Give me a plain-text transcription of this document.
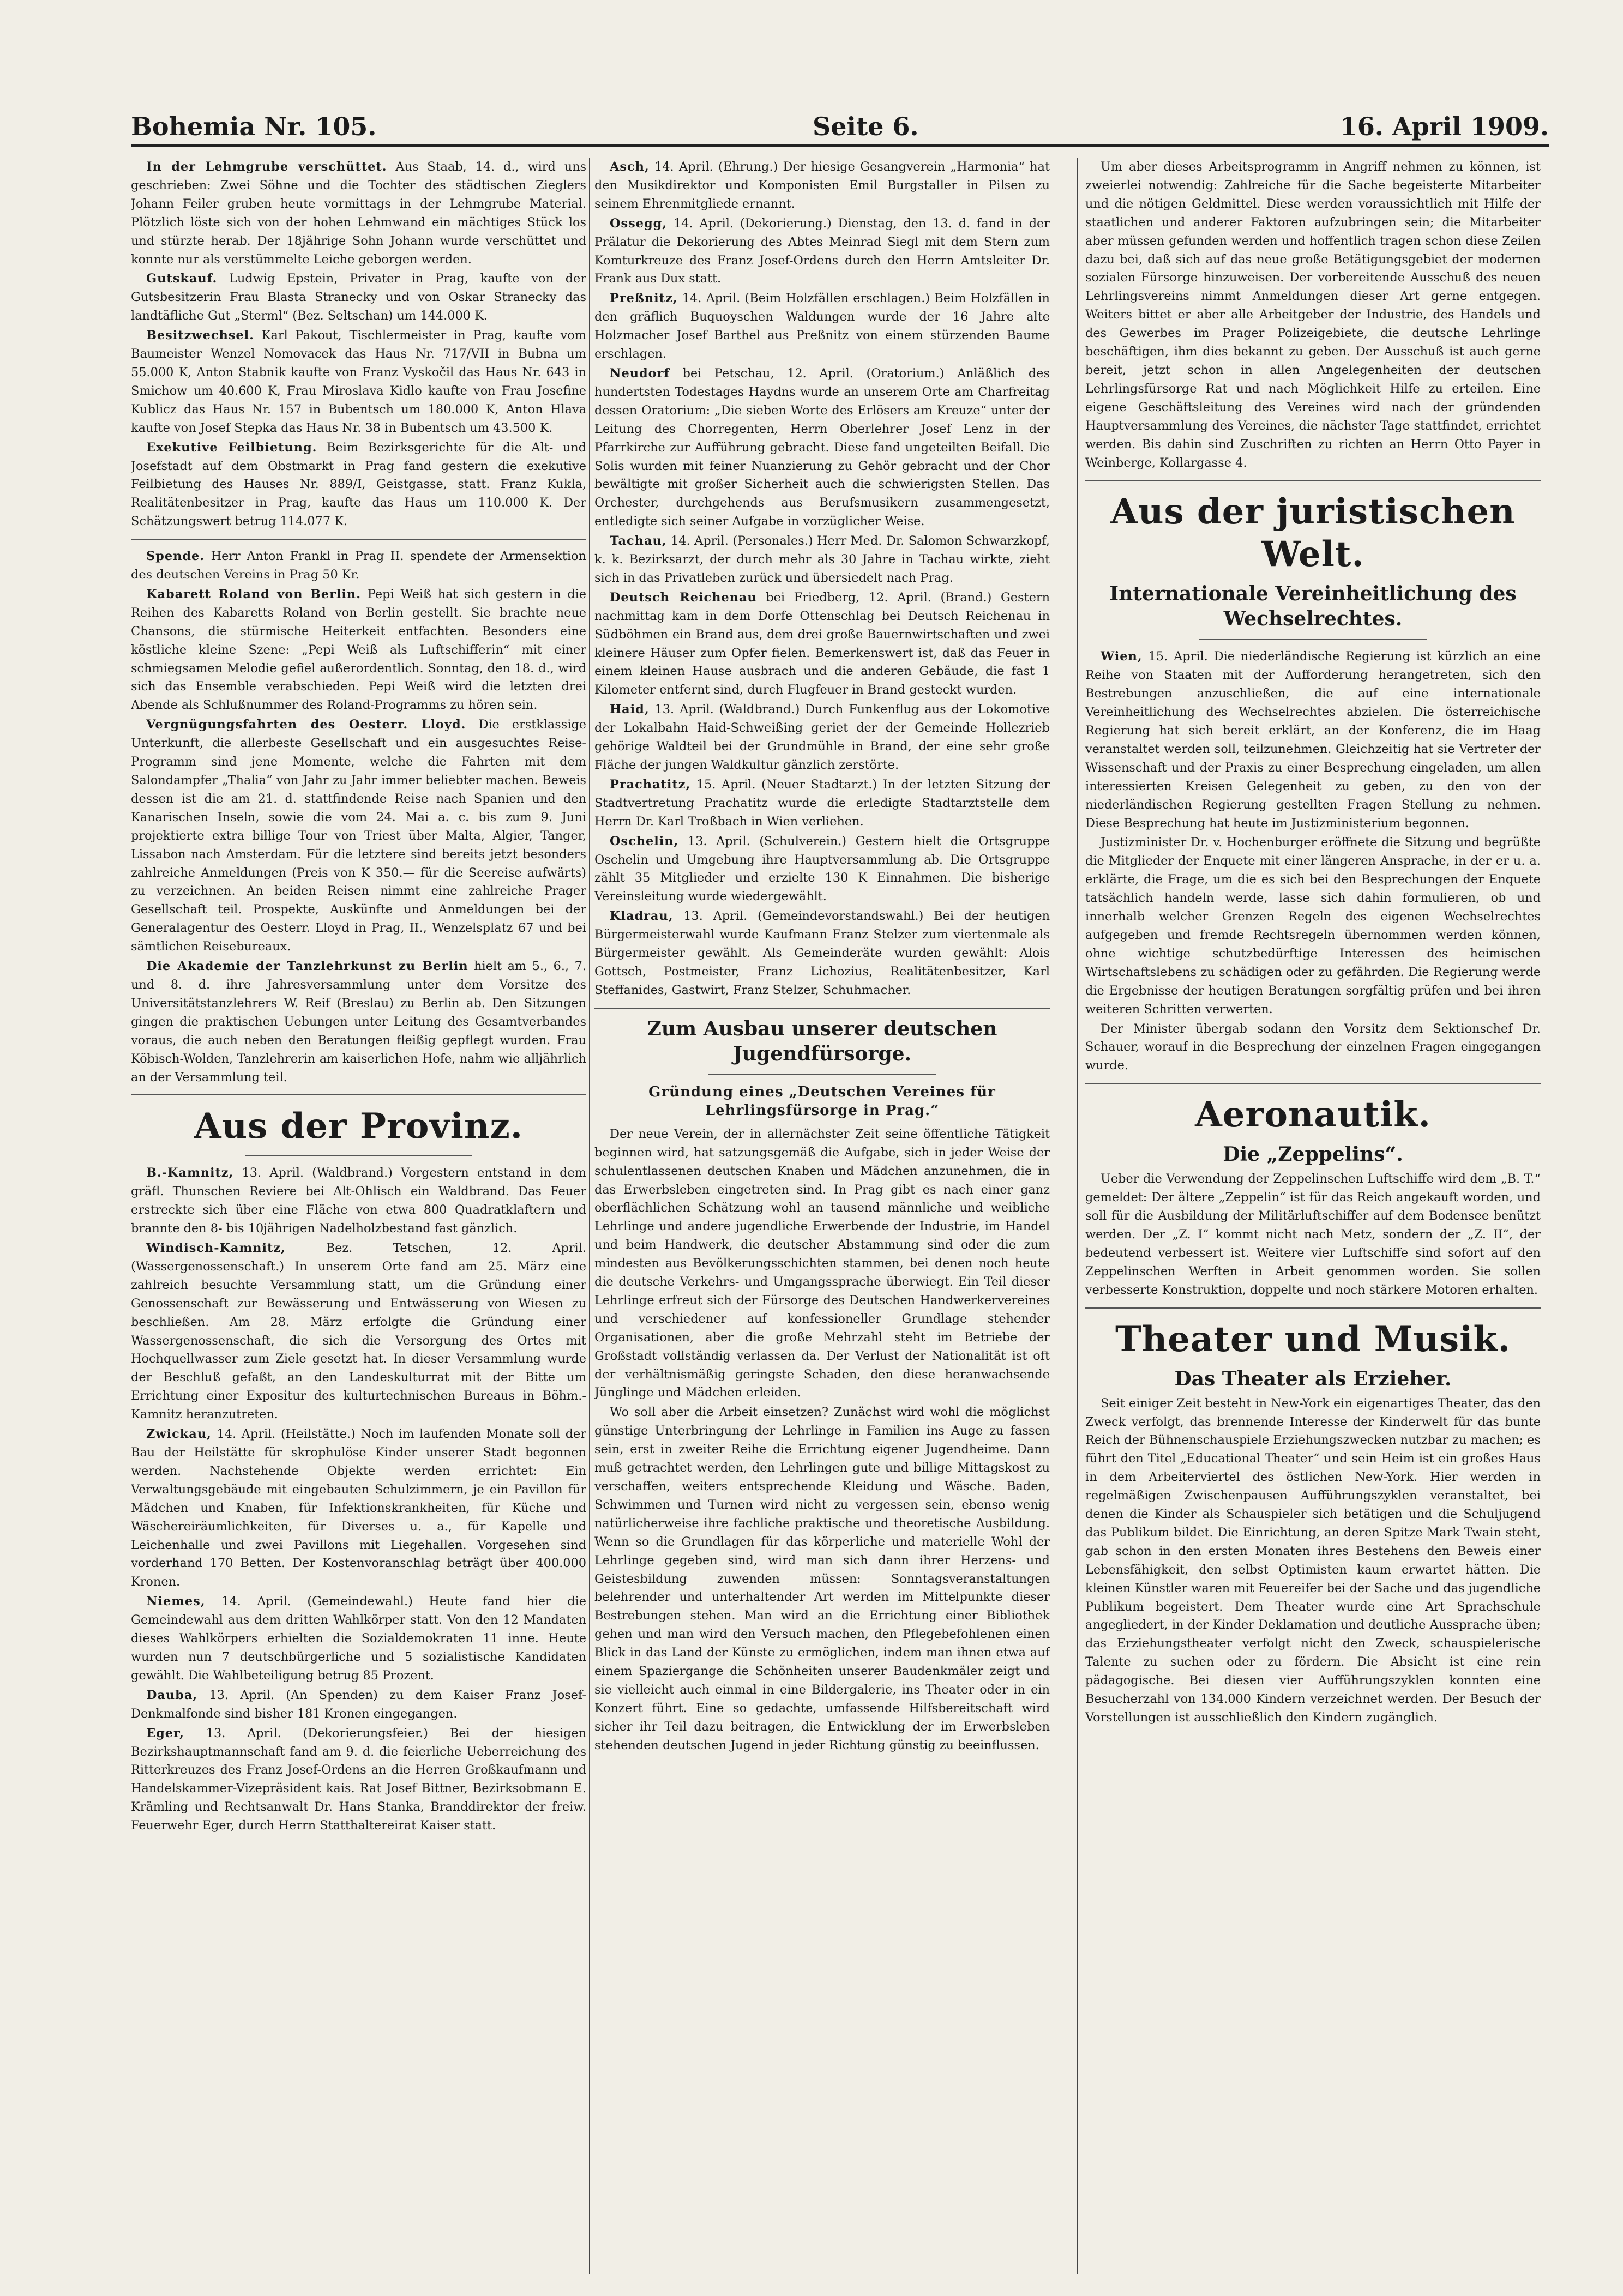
Bohemia Nr. 105.	Seite 6.	16. April 1909.

In der Lehmgrube verschüttet. Aus Staab, 14. d., wird uns geschrieben: Zwei Söhne und die Tochter des städtischen Zieglers Johann Feiler gruben heute vormittags in der Lehmgrube Material. Plötzlich löste sich von der hohen Lehmwand ein mächtiges Stück los und stürzte herab. Der 18jährige Sohn Johann wurde verschüttet und konnte nur als verstümmelte Leiche geborgen werden.

Gutskauf. Ludwig Epstein, Privater in Prag, kaufte von der Gutsbesitzerin Frau Blasta Stranecky und von Oskar Stranecky das landtäfliche Gut „Sterml“ (Bez. Seltschan) um 144.000 K.

Besitzwechsel. Karl Pakout, Tischlermeister in Prag, kaufte vom Baumeister Wenzel Nomovacek das Haus Nr. 717/VII in Bubna um 55.000 K, Anton Stabnik kaufte von Franz Vyskočil das Haus Nr. 643 in Smichow um 40.600 K, Frau Miroslava Kidlo kaufte von Frau Josefine Kublicz das Haus Nr. 157 in Bubentsch um 180.000 K, Anton Hlava kaufte von Josef Stepka das Haus Nr. 38 in Bubentsch um 43.500 K.

Exekutive Feilbietung. Beim Bezirksgerichte für die Alt- und Josefstadt auf dem Obstmarkt in Prag fand gestern die exekutive Feilbietung des Hauses Nr. 889/I, Geistgasse, statt. Franz Kukla, Realitätenbesitzer in Prag, kaufte das Haus um 110.000 K. Der Schätzungswert betrug 114.077 K.

Spende. Herr Anton Frankl in Prag II. spendete der Armensektion des deutschen Vereins in Prag 50 Kr.

Kabarett Roland von Berlin. Pepi Weiß hat sich gestern in die Reihen des Kabaretts Roland von Berlin gestellt. Sie brachte neue Chansons, die stürmische Heiterkeit entfachten. Besonders eine köstliche kleine Szene: „Pepi Weiß als Luftschifferin“ mit einer schmiegsamen Melodie gefiel außerordentlich. Sonntag, den 18. d., wird sich das Ensemble verabschieden. Pepi Weiß wird die letzten drei Abende als Schlußnummer des Roland-Programms zu hören sein.

Vergnügungsfahrten des Oesterr. Lloyd. Die erstklassige Unterkunft, die allerbeste Gesellschaft und ein ausgesuchtes Reise-Programm sind jene Momente, welche die Fahrten mit dem Salondampfer „Thalia“ von Jahr zu Jahr immer beliebter machen. Beweis dessen ist die am 21. d. stattfindende Reise nach Spanien und den Kanarischen Inseln, sowie die vom 24. Mai a. c. bis zum 9. Juni projektierte extra billige Tour von Triest über Malta, Algier, Tanger, Lissabon nach Amsterdam. Für die letztere sind bereits jetzt besonders zahlreiche Anmeldungen (Preis von K 350.— für die Seereise aufwärts) zu verzeichnen. An beiden Reisen nimmt eine zahlreiche Prager Gesellschaft teil. Prospekte, Auskünfte und Anmeldungen bei der Generalagentur des Oesterr. Lloyd in Prag, II., Wenzelsplatz 67 und bei sämtlichen Reisebureaux.

Die Akademie der Tanzlehrkunst zu Berlin hielt am 5., 6., 7. und 8. d. ihre Jahresversammlung unter dem Vorsitze des Universitätstanzlehrers W. Reif (Breslau) zu Berlin ab. Den Sitzungen gingen die praktischen Uebungen unter Leitung des Gesamtverbandes voraus, die auch neben den Beratungen fleißig gepflegt wurden. Frau Köbisch-Wolden, Tanzlehrerin am kaiserlichen Hofe, nahm wie alljährlich an der Versammlung teil.

Aus der Provinz.

B.-Kamnitz, 13. April. (Waldbrand.) Vorgestern entstand in dem gräfl. Thunschen Reviere bei Alt-Ohlisch ein Waldbrand. Das Feuer erstreckte sich über eine Fläche von etwa 800 Quadratklaftern und brannte den 8- bis 10jährigen Nadelholzbestand fast gänzlich.

Windisch-Kamnitz,	Bez. Tetschen, 12. April. (Wassergenossenschaft.) In unserem Orte fand am 25. März eine zahlreich besuchte Versammlung statt, um die Gründung einer Genossenschaft zur Bewässerung und Entwässerung von Wiesen zu beschließen. Am 28. März erfolgte die Gründung einer Wassergenossenschaft, die sich die Versorgung des Ortes mit Hochquellwasser zum Ziele gesetzt hat. In dieser Versammlung wurde der Beschluß gefaßt, an den Landeskulturrat mit der Bitte um Errichtung einer Expositur des kulturtechnischen Bureaus in Böhm.-Kamnitz heranzutreten.

Zwickau, 14. April. (Heilstätte.) Noch im laufenden Monate soll der Bau der Heilstätte für skrophulöse Kinder unserer Stadt begonnen werden. Nachstehende Objekte werden errichtet: Ein Verwaltungsgebäude mit eingebauten Schulzimmern, je ein Pavillon für Mädchen und Knaben, für Infektionskrankheiten, für Küche und Wäschereiräumlichkeiten, für Diverses u. a., für Kapelle und Leichenhalle und zwei Pavillons mit Liegehallen. Vorgesehen sind vorderhand 170 Betten. Der Kostenvoranschlag beträgt über 400.000 Kronen.

Niemes, 14. April. (Gemeindewahl.) Heute fand hier die Gemeindewahl aus dem dritten Wahlkörper statt. Von den 12 Mandaten dieses Wahlkörpers erhielten die Sozialdemokraten 11 inne. Heute wurden nun 7 deutschbürgerliche und 5 sozialistische Kandidaten gewählt. Die Wahlbeteiligung betrug 85 Prozent.

Dauba, 13. April. (An Spenden) zu dem Kaiser Franz Josef-Denkmalfonde sind bisher 181 Kronen eingegangen.

Eger, 13. April. (Dekorierungsfeier.) Bei der hiesigen Bezirkshauptmannschaft fand am 9. d. die feierliche Ueberreichung des Ritterkreuzes des Franz Josef-Ordens an die Herren Großkaufmann und Handelskammer-Vizepräsident kais. Rat Josef Bittner, Bezirksobmann E. Krämling und Rechtsanwalt Dr. Hans Stanka, Branddirektor der freiw. Feuerwehr Eger, durch Herrn Statthaltereirat Kaiser statt.

Asch, 14. April. (Ehrung.) Der hiesige Gesangverein „Harmonia“ hat den Musikdirektor und Komponisten Emil Burgstaller in Pilsen zu seinem Ehrenmitgliede ernannt.

Ossegg, 14. April. (Dekorierung.) Dienstag, den 13. d. fand in der Prälatur die Dekorierung des Abtes Meinrad Siegl mit dem Stern zum Komturkreuze des Franz Josef-Ordens durch den Herrn Amtsleiter Dr. Frank aus Dux statt.

Preßnitz, 14. April. (Beim Holzfällen erschlagen.) Beim Holzfällen in den gräflich Buquoyschen Waldungen wurde der 16 Jahre alte Holzmacher Josef Barthel aus Preßnitz von einem stürzenden Baume erschlagen.

Neudorf bei Petschau, 12. April. (Oratorium.) Anläßlich des hundertsten Todestages Haydns wurde an unserem Orte am Charfreitag dessen Oratorium: „Die sieben Worte des Erlösers am Kreuze“ unter der Leitung des Chorregenten, Herrn Oberlehrer Josef Lenz in der Pfarrkirche zur Aufführung gebracht. Diese fand ungeteilten Beifall. Die Solis wurden mit feiner Nuanzierung zu Gehör gebracht und der Chor bewältigte mit großer Sicherheit auch die schwierigsten Stellen. Das Orchester, durchgehends aus Berufsmusikern zusammengesetzt, entledigte sich seiner Aufgabe in vorzüglicher Weise.

Tachau, 14. April. (Personales.) Herr Med. Dr. Salomon Schwarzkopf, k. k. Bezirksarzt, der durch mehr als 30 Jahre in Tachau wirkte, zieht sich in das Privatleben zurück und übersiedelt nach Prag.

Deutsch Reichenau bei Friedberg, 12. April. (Brand.) Gestern nachmittag kam in dem Dorfe Ottenschlag bei Deutsch Reichenau in Südböhmen ein Brand aus, dem drei große Bauernwirtschaften und zwei kleinere Häuser zum Opfer fielen. Bemerkenswert ist, daß das Feuer in einem kleinen Hause ausbrach und die anderen Gebäude, die fast 1 Kilometer entfernt sind, durch Flugfeuer in Brand gesteckt wurden.

Haid, 13. April. (Waldbrand.) Durch Funkenflug aus der Lokomotive der Lokalbahn Haid-Schweißing geriet der der Gemeinde Hollezrieb gehörige Waldteil bei der Grundmühle in Brand, der eine sehr große Fläche der jungen Waldkultur gänzlich zerstörte.

Prachatitz, 15. April. (Neuer Stadtarzt.) In der letzten Sitzung der Stadtvertretung Prachatitz wurde die erledigte Stadtarztstelle dem Herrn Dr. Karl Troßbach in Wien verliehen.

Oschelin, 13. April. (Schulverein.) Gestern hielt die Ortsgruppe Oschelin und Umgebung ihre Hauptversammlung ab. Die Ortsgruppe zählt 35 Mitglieder und erzielte 130 K Einnahmen. Die bisherige Vereinsleitung wurde wiedergewählt.

Kladrau, 13. April. (Gemeindevorstandswahl.) Bei der heutigen Bürgermeisterwahl wurde Kaufmann Franz Stelzer zum viertenmale als Bürgermeister gewählt. Als Gemeinderäte wurden gewählt: Alois Gottsch, Postmeister, Franz Lichozius, Realitätenbesitzer, Karl Steffanides, Gastwirt, Franz Stelzer, Schuhmacher.

Zum Ausbau unserer deutschen Jugendfürsorge.
Gründung eines „Deutschen Vereines für Lehrlingsfürsorge in Prag.“

Der neue Verein, der in allernächster Zeit seine öffentliche Tätigkeit beginnen wird, hat satzungsgemäß die Aufgabe, sich in jeder Weise der schulentlassenen deutschen Knaben und Mädchen anzunehmen, die in das Erwerbsleben eingetreten sind. In Prag gibt es nach einer ganz oberflächlichen Schätzung wohl an tausend männliche und weibliche Lehrlinge und andere jugendliche Erwerbende der Industrie, im Handel und beim Handwerk, die deutscher Abstammung sind oder die zum mindesten aus Bevölkerungsschichten stammen, bei denen noch heute die deutsche Verkehrs- und Umgangssprache überwiegt. Ein Teil dieser Lehrlinge erfreut sich der Fürsorge des Deutschen Handwerkervereines und verschiedener auf konfessioneller Grundlage stehender Organisationen, aber die große Mehrzahl steht im Betriebe der Großstadt vollständig verlassen da. Der Verlust der Nationalität ist oft der verhältnismäßig geringste Schaden, den diese heranwachsende Jünglinge und Mädchen erleiden.

Wo soll aber die Arbeit einsetzen? Zunächst wird wohl die möglichst günstige Unterbringung der Lehrlinge in Familien ins Auge zu fassen sein, erst in zweiter Reihe die Errichtung eigener Jugendheime. Dann muß getrachtet werden, den Lehrlingen gute und billige Mittagskost zu verschaffen, weiters entsprechende Kleidung und Wäsche. Baden, Schwimmen und Turnen wird nicht zu vergessen sein, ebenso wenig natürlicherweise ihre fachliche praktische und theoretische Ausbildung. Wenn so die Grundlagen für das körperliche und materielle Wohl der Lehrlinge gegeben sind, wird man sich dann ihrer Herzens- und Geistesbildung zuwenden müssen: Sonntagsveranstaltungen belehrender und unterhaltender Art werden im Mittelpunkte dieser Bestrebungen stehen. Man wird an die Errichtung einer Bibliothek gehen und man wird den Versuch machen, den Pflegebefohlenen einen Blick in das Land der Künste zu ermöglichen, indem man ihnen etwa auf einem Spaziergange die Schönheiten unserer Baudenkmäler zeigt und sie vielleicht auch einmal in eine Bildergalerie, ins Theater oder in ein Konzert führt. Eine so gedachte, umfassende Hilfsbereitschaft wird sicher ihr Teil dazu beitragen, die Entwicklung der im Erwerbsleben stehenden deutschen Jugend in jeder Richtung günstig zu beeinflussen.

Um aber dieses Arbeitsprogramm in Angriff nehmen zu können, ist zweierlei notwendig: Zahlreiche für die Sache begeisterte Mitarbeiter und die nötigen Geldmittel. Diese werden voraussichtlich mit Hilfe der staatlichen und anderer Faktoren aufzubringen sein; die Mitarbeiter aber müssen gefunden werden und hoffentlich tragen schon diese Zeilen dazu bei, daß sich auf das neue große Betätigungsgebiet der modernen sozialen Fürsorge hinzuweisen. Der vorbereitende Ausschuß des neuen Lehrlingsvereins nimmt Anmeldungen dieser Art gerne entgegen. Weiters bittet er aber alle Arbeitgeber der Industrie, des Handels und des Gewerbes im Prager Polizeigebiete, die deutsche Lehrlinge beschäftigen, ihm dies bekannt zu geben. Der Ausschuß ist auch gerne bereit, jetzt schon in allen Angelegenheiten der deutschen Lehrlingsfürsorge Rat und nach Möglichkeit Hilfe zu erteilen. Eine eigene Geschäftsleitung des Vereines wird nach der gründenden Hauptversammlung des Vereines, die nächster Tage stattfindet, errichtet werden. Bis dahin sind Zuschriften zu richten an Herrn Otto Payer in Weinberge, Kollargasse 4.

Aus der juristischen Welt.
Internationale Vereinheitlichung des Wechselrechtes.

Wien, 15. April. Die niederländische Regierung ist kürzlich an eine Reihe von Staaten mit der Aufforderung herangetreten, sich den Bestrebungen anzuschließen, die auf eine internationale Vereinheitlichung des Wechselrechtes abzielen. Die österreichische Regierung hat sich bereit erklärt, an der Konferenz, die im Haag veranstaltet werden soll, teilzunehmen. Gleichzeitig hat sie Vertreter der Wissenschaft und der Praxis zu einer Besprechung eingeladen, um allen interessierten Kreisen Gelegenheit zu geben, zu den von der niederländischen Regierung gestellten Fragen Stellung zu nehmen. Diese Besprechung hat heute im Justizministerium begonnen.

Justizminister Dr. v. Hochenburger eröffnete die Sitzung und begrüßte die Mitglieder der Enquete mit einer längeren Ansprache, in der er u. a. erklärte, die Frage, um die es sich bei den Besprechungen der Enquete tatsächlich handeln werde, lasse sich dahin formulieren, ob und innerhalb welcher Grenzen Regeln des eigenen Wechselrechtes aufgegeben und fremde Rechtsregeln übernommen werden können, ohne wichtige schutzbedürftige Interessen des heimischen Wirtschaftslebens zu schädigen oder zu gefährden. Die Regierung werde die Ergebnisse der heutigen Beratungen sorgfältig prüfen und bei ihren weiteren Schritten verwerten.

Der Minister übergab sodann den Vorsitz dem Sektionschef Dr. Schauer, worauf in die Besprechung der einzelnen Fragen eingegangen wurde.

Aeronautik.
Die „Zeppelins“.

Ueber die Verwendung der Zeppelinschen Luftschiffe wird dem „B. T.“ gemeldet: Der ältere „Zeppelin“ ist für das Reich angekauft worden, und soll für die Ausbildung der Militärluftschiffer auf dem Bodensee benützt werden. Der „Z. I“ kommt nicht nach Metz, sondern der „Z. II“, der bedeutend verbessert ist. Weitere vier Luftschiffe sind sofort auf den Zeppelinschen Werften in Arbeit genommen worden. Sie sollen verbesserte Konstruktion, doppelte und noch stärkere Motoren erhalten.

Theater und Musik.
Das Theater als Erzieher.

Seit einiger Zeit besteht in New-York ein eigenartiges Theater, das den Zweck verfolgt, das brennende Interesse der Kinderwelt für das bunte Reich der Bühnenschauspiele Erziehungszwecken nutzbar zu machen; es führt den Titel „Educational Theater“ und sein Heim ist ein großes Haus in dem Arbeiterviertel des östlichen New-York. Hier werden in regelmäßigen Zwischenpausen Aufführungszyklen veranstaltet, bei denen die Kinder als Schauspieler sich betätigen und die Schuljugend das Publikum bildet. Die Einrichtung, an deren Spitze Mark Twain steht, gab schon in den ersten Monaten ihres Bestehens den Beweis einer Lebensfähigkeit, den selbst Optimisten kaum erwartet hätten. Die kleinen Künstler waren mit Feuereifer bei der Sache und das jugendliche Publikum begeistert. Dem Theater wurde eine Art Sprachschule angegliedert, in der Kinder Deklamation und deutliche Aussprache üben; das Erziehungstheater verfolgt nicht den Zweck, schauspielerische Talente zu suchen oder zu fördern. Die Absicht ist eine rein pädagogische. Bei diesen vier Aufführungszyklen konnten eine Besucherzahl von 134.000 Kindern verzeichnet werden. Der Besuch der Vorstellungen ist ausschließlich den Kindern zugänglich.
